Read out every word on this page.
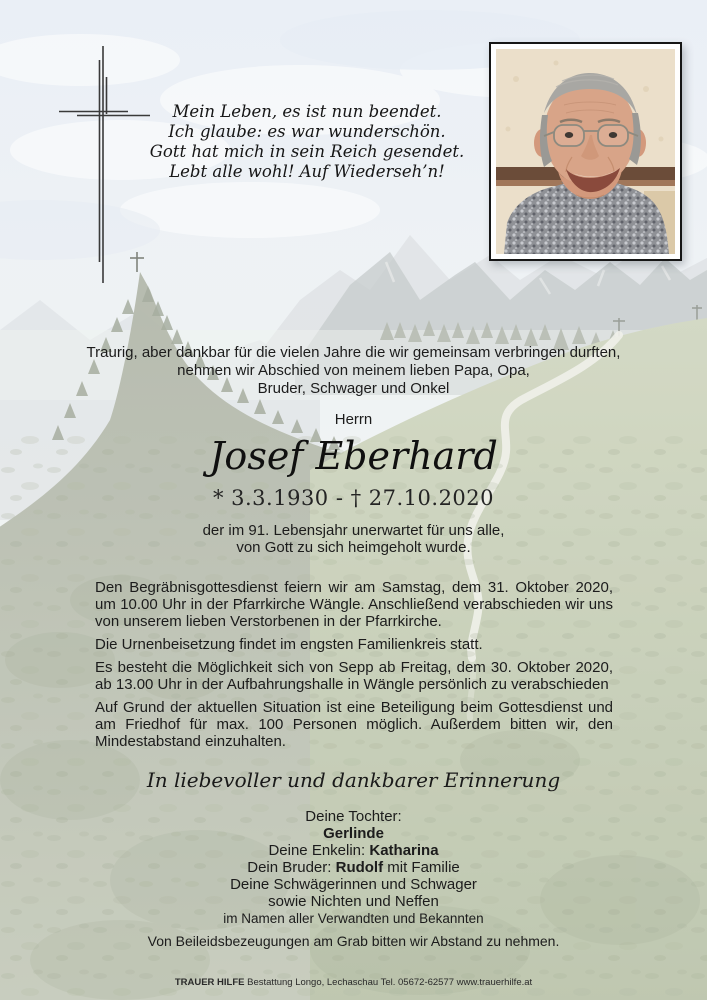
Mein Leben, es ist nun beendet.
Ich glaube: es war wunderschön.
Gott hat mich in sein Reich gesendet.
Lebt alle wohl! Auf Wiederseh’n!
Traurig, aber dankbar für die vielen Jahre die wir gemeinsam verbringen durften,
nehmen wir Abschied von meinem lieben Papa, Opa,
Bruder, Schwager und Onkel
Herrn
Josef Eberhard
* 3.3.1930 - † 27.10.2020
der im 91. Lebensjahr unerwartet für uns alle,
von Gott zu sich heimgeholt wurde.

Den Begräbnisgottesdienst feiern wir am Samstag, dem 31. Oktober 2020, um 10.00 Uhr in der Pfarrkirche Wängle. Anschließend verabschieden wir uns von unserem lieben Verstorbenen in der Pfarrkirche.

Die Urnenbeisetzung findet im engsten Familienkreis statt.

Es besteht die Möglichkeit sich von Sepp ab Freitag, dem 30. Oktober 2020, ab 13.00 Uhr in der Aufbahrungshalle in Wängle persönlich zu verabschieden

Auf Grund der aktuellen Situation ist eine Beteiligung beim Gottesdienst und am Friedhof für max. 100 Personen möglich. Außerdem bitten wir, den Mindestabstand einzuhalten.

In liebevoller und dankbarer Erinnerung
Deine Tochter:
Gerlinde
Deine Enkelin: Katharina
Dein Bruder: Rudolf mit Familie
Deine Schwägerinnen und Schwager
sowie Nichten und Neffen
im Namen aller Verwandten und Bekannten
Von Beileidsbezeugungen am Grab bitten wir Abstand zu nehmen.
TRAUER HILFE Bestattung Longo, Lechaschau Tel. 05672-62577 www.trauerhilfe.at
